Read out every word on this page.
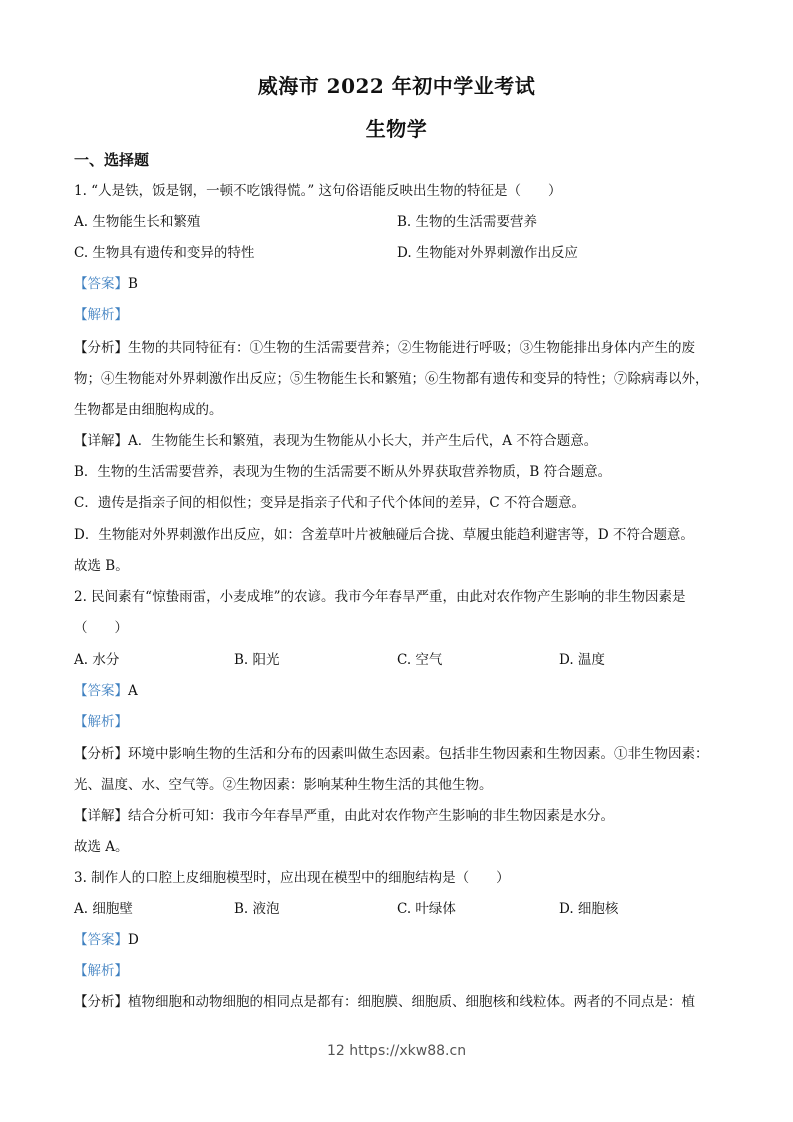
威海市 2022 年初中学业考试
生物学
一、选择题
1. “人是铁，饭是钢，一顿不吃饿得慌。” 这句俗语能反映出生物的特征是（　　）
A. 生物能生长和繁殖	B. 生物的生活需要营养
C. 生物具有遗传和变异的特性	D. 生物能对外界刺激作出反应
【答案】B
【解析】
【分析】生物的共同特征有：①生物的生活需要营养；②生物能进行呼吸；③生物能排出身体内产生的废
物；④生物能对外界刺激作出反应；⑤生物能生长和繁殖；⑥生物都有遗传和变异的特性；⑦除病毒以外，
生物都是由细胞构成的。
【详解】A．生物能生长和繁殖，表现为生物能从小长大，并产生后代，A 不符合题意。
B．生物的生活需要营养，表现为生物的生活需要不断从外界获取营养物质，B 符合题意。
C．遗传是指亲子间的相似性；变异是指亲子代和子代个体间的差异，C 不符合题意。
D．生物能对外界刺激作出反应，如：含羞草叶片被触碰后合拢、草履虫能趋利避害等，D 不符合题意。
故选 B。
2. 民间素有“惊蛰雨雷，小麦成堆”的农谚。我市今年春旱严重，由此对农作物产生影响的非生物因素是
（　　）
A. 水分	B. 阳光	C. 空气	D. 温度
【答案】A
【解析】
【分析】环境中影响生物的生活和分布的因素叫做生态因素。包括非生物因素和生物因素。①非生物因素：
光、温度、水、空气等。②生物因素：影响某种生物生活的其他生物。
【详解】结合分析可知：我市今年春旱严重，由此对农作物产生影响的非生物因素是水分。
故选 A。
3. 制作人的口腔上皮细胞模型时，应出现在模型中的细胞结构是（　　）
A. 细胞壁	B. 液泡	C. 叶绿体	D. 细胞核
【答案】D
【解析】
【分析】植物细胞和动物细胞的相同点是都有：细胞膜、细胞质、细胞核和线粒体。两者的不同点是：植
12 https://xkw88.cn
